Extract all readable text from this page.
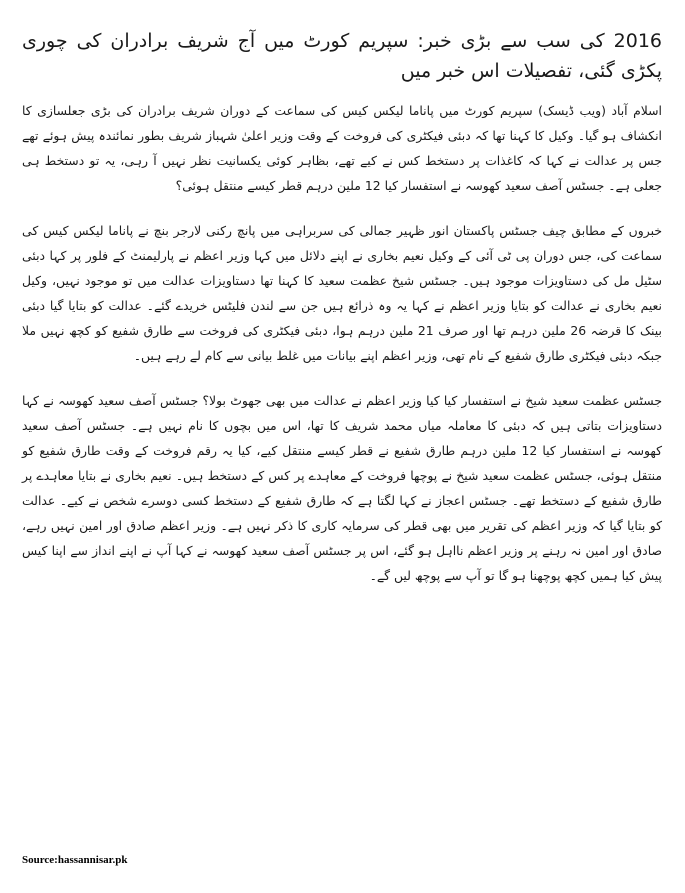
2016 کی سب سے بڑی خبر: سپریم کورٹ میں آج شریف برادران کی چوری پکڑی گئی، تفصیلات اس خبر میں

اسلام آباد (ویب ڈیسک) سپریم کورٹ میں پاناما لیکس کیس کی سماعت کے دوران شریف برادران کی بڑی جعلسازی کا انکشاف ہو گیا۔ وکیل کا کہنا تھا کہ دبئی فیکٹری کی فروخت کے وقت وزیر اعلیٰ شہباز شریف بطور نمائندہ پیش ہوئے تھے جس پر عدالت نے کہا کہ کاغذات پر دستخط کس نے کیے تھے، بظاہر کوئی یکسانیت نظر نہیں آ رہی، یہ تو دستخط ہی جعلی ہے۔ جسٹس آصف سعید کھوسہ نے استفسار کیا 12 ملین درہم قطر کیسے منتقل ہوئی؟

خبروں کے مطابق چیف جسٹس پاکستان انور ظہیر جمالی کی سربراہی میں پانچ رکنی لارجر بنچ نے پاناما لیکس کیس کی سماعت کی، جس دوران پی ٹی آئی کے وکیل نعیم بخاری نے اپنے دلائل میں کہا وزیر اعظم نے پارلیمنٹ کے فلور پر کہا دبئی سٹیل مل کی دستاویزات موجود ہیں۔ جسٹس شیخ عظمت سعید کا کہنا تھا دستاویزات عدالت میں تو موجود نہیں، وکیل نعیم بخاری نے عدالت کو بتایا وزیر اعظم نے کہا یہ وہ ذرائع ہیں جن سے لندن فلیٹس خریدے گئے۔ عدالت کو بتایا گیا دبئی بینک کا قرضہ 26 ملین درہم تھا اور صرف 21 ملین درہم ہوا، دبئی فیکٹری کی فروخت سے طارق شفیع کو کچھ نہیں ملا جبکہ دبئی فیکٹری طارق شفیع کے نام تھی، وزیر اعظم اپنے بیانات میں غلط بیانی سے کام لے رہے ہیں۔

جسٹس عظمت سعید شیخ نے استفسار کیا کیا وزیر اعظم نے عدالت میں بھی جھوٹ بولا؟ جسٹس آصف سعید کھوسہ نے کہا دستاویزات بتاتی ہیں کہ دبئی کا معاملہ میاں محمد شریف کا تھا، اس میں بچوں کا نام نہیں ہے۔ جسٹس آصف سعید کھوسہ نے استفسار کیا 12 ملین درہم طارق شفیع نے قطر کیسے منتقل کیے، کیا یہ رقم فروخت کے وقت طارق شفیع کو منتقل ہوئی، جسٹس عظمت سعید شیخ نے پوچھا فروخت کے معاہدے پر کس کے دستخط ہیں۔ نعیم بخاری نے بتایا معاہدے پر طارق شفیع کے دستخط تھے۔ جسٹس اعجاز نے کہا لگتا ہے کہ طارق شفیع کے دستخط کسی دوسرے شخص نے کیے۔ عدالت کو بتایا گیا کہ وزیر اعظم کی تقریر میں بھی قطر کی سرمایہ کاری کا ذکر نہیں ہے۔ وزیر اعظم صادق اور امین نہیں رہے، صادق اور امین نہ رہنے پر وزیر اعظم نااہل ہو گئے، اس پر جسٹس آصف سعید کھوسہ نے کہا آپ نے اپنے انداز سے اپنا کیس پیش کیا ہمیں کچھ پوچھنا ہو گا تو آپ سے پوچھ لیں گے۔

Source:hassannisar.pk
